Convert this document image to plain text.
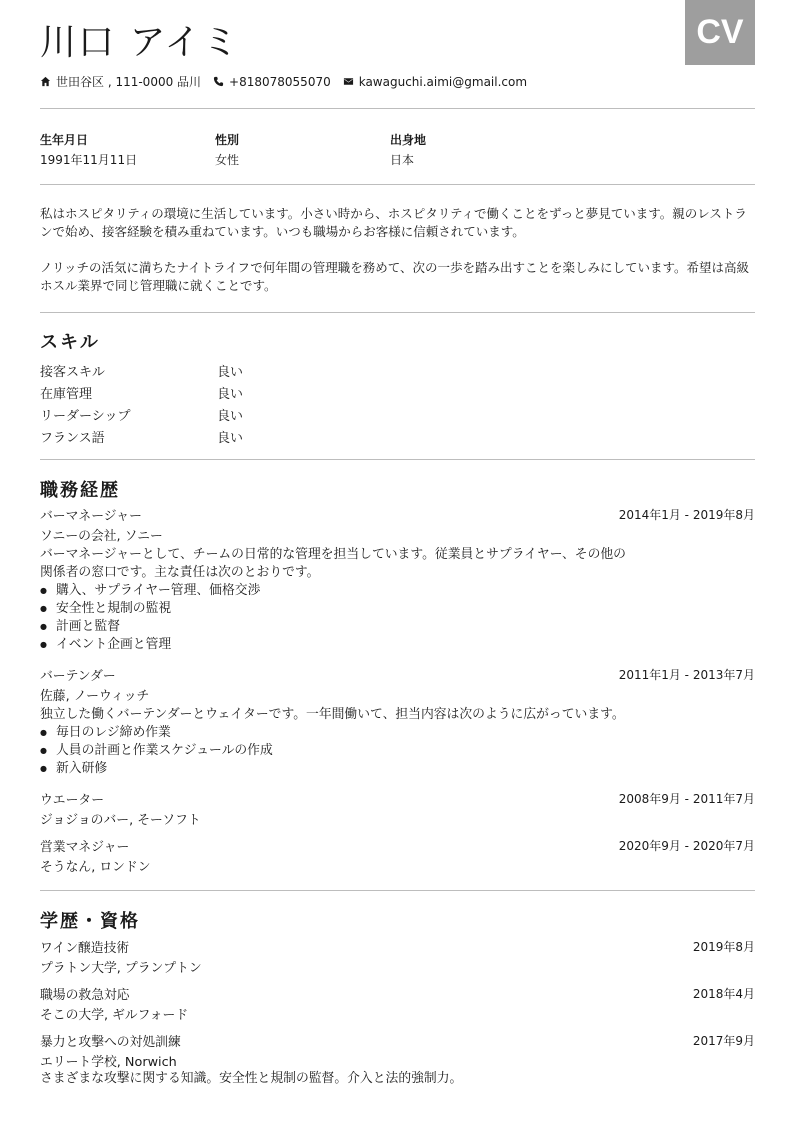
川口 アイミ	CV
世田谷区 , 111-0000 品川 +818078055070 kawaguchi.aimi@gmail.com
生年月日
1991年11月11日
性別
女性
出身地
日本

私はホスピタリティの環境に生活しています。小さい時から、ホスピタリティで働くことをずっと夢見ています。親のレストランで始め、接客経験を積み重ねています。いつも職場からお客様に信頼されています。

ノリッチの活気に満ちたナイトライフで何年間の管理職を務めて、次の一歩を踏み出すことを楽しみにしています。希望は高級ホスル業界で同じ管理職に就くことです。

スキル
接客スキル	良い
在庫管理	良い
リーダーシップ	良い
フランス語	良い
職務経歴
バーマネージャー	2014年1月 - 2019年8月
ソニーの会社, ソニー
バーマネージャーとして、チームの日常的な管理を担当しています。従業員とサプライヤー、その他の
関係者の窓口です。主な責任は次のとおりです。
● 購入、サプライヤー管理、価格交渉
● 安全性と規制の監視
● 計画と監督
● イベント企画と管理
バーテンダー	2011年1月 - 2013年7月
佐藤, ノーウィッチ
独立した働くバーテンダーとウェイターです。一年間働いて、担当内容は次のように広がっています。
● 毎日のレジ締め作業
● 人員の計画と作業スケジュールの作成
● 新入研修
ウエーター	2008年9月 - 2011年7月
ジョジョのバー, そーソフト
営業マネジャー	2020年9月 - 2020年7月
そうなん, ロンドン
学歴・資格
ワイン醸造技術	2019年8月
プラトン大学, プランプトン
職場の救急対応	2018年4月
そこの大学, ギルフォード
暴力と攻撃への対処訓練	2017年9月
エリート学校, Norwich
さまざまな攻撃に関する知識。安全性と規制の監督。介入と法的強制力。
